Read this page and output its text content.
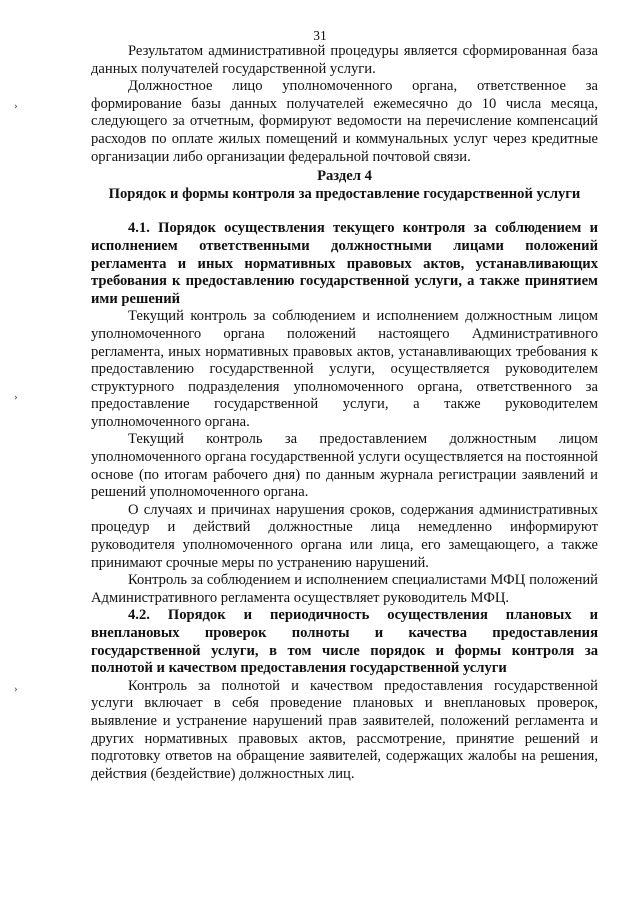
31
›
›
›

Результатом административной процедуры является сформированная база данных получателей государственной услуги.

Должностное лицо уполномоченного органа, ответственное за формирование базы данных получателей ежемесячно до 10 числа месяца, следующего за отчетным, формируют ведомости на перечисление компенсаций расходов по оплате жилых помещений и коммунальных услуг через кредитные организации либо организации федеральной почтовой связи.

Раздел 4

Порядок и формы контроля за предоставление государственной услуги

4.1. Порядок осуществления текущего контроля за соблюдением и исполнением ответственными должностными лицами положений регламента и иных нормативных правовых актов, устанавливающих требования к предоставлению государственной услуги, а также принятием ими решений

Текущий контроль за соблюдением и исполнением должностным лицом уполномоченного органа положений настоящего Административного регламента, иных нормативных правовых актов, устанавливающих требования к предоставлению государственной услуги, осуществляется руководителем структурного подразделения уполномоченного органа, ответственного за предоставление государственной услуги, а также руководителем уполномоченного органа.

Текущий контроль за предоставлением должностным лицом уполномоченного органа государственной услуги осуществляется на постоянной основе (по итогам рабочего дня) по данным журнала регистрации заявлений и решений уполномоченного органа.

О случаях и причинах нарушения сроков, содержания административных процедур и действий должностные лица немедленно информируют руководителя уполномоченного органа или лица, его замещающего, а также принимают срочные меры по устранению нарушений.

Контроль за соблюдением и исполнением специалистами МФЦ положений Административного регламента осуществляет руководитель МФЦ.

4.2. Порядок и периодичность осуществления плановых и внеплановых проверок полноты и качества предоставления государственной услуги, в том числе порядок и формы контроля за полнотой и качеством предоставления государственной услуги

Контроль за полнотой и качеством предоставления государственной услуги включает в себя проведение плановых и внеплановых проверок, выявление и устранение нарушений прав заявителей, положений регламента и других нормативных правовых актов, рассмотрение, принятие решений и подготовку ответов на обращение заявителей, содержащих жалобы на решения, действия (бездействие) должностных лиц.
